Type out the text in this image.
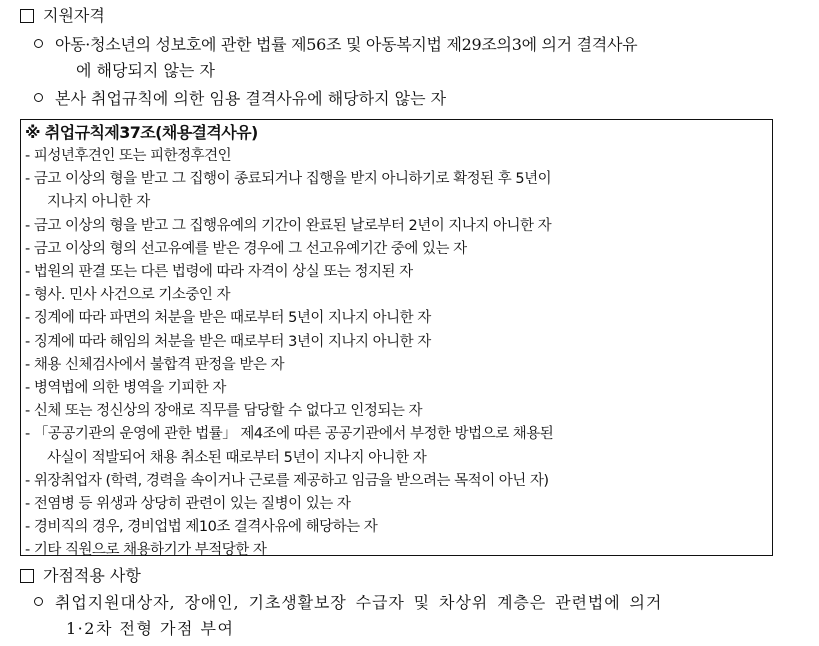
지원자격
아동·청소년의 성보호에 관한 법률 제56조 및 아동복지법 제29조의3에 의거 결격사유
에 해당되지 않는 자
본사 취업규칙에 의한 임용 결격사유에 해당하지 않는 자
※ 취업규칙제37조(채용결격사유)
- 피성년후견인 또는 피한정후견인
- 금고 이상의 형을 받고 그 집행이 종료되거나 집행을 받지 아니하기로 확정된 후 5년이
지나지 아니한 자
- 금고 이상의 형을 받고 그 집행유예의 기간이 완료된 날로부터 2년이 지나지 아니한 자
- 금고 이상의 형의 선고유예를 받은 경우에 그 선고유예기간 중에 있는 자
- 법원의 판결 또는 다른 법령에 따라 자격이 상실 또는 정지된 자
- 형사. 민사 사건으로 기소중인 자
- 징계에 따라 파면의 처분을 받은 때로부터 5년이 지나지 아니한 자
- 징계에 따라 해임의 처분을 받은 때로부터 3년이 지나지 아니한 자
- 채용 신체검사에서 불합격 판정을 받은 자
- 병역법에 의한 병역을 기피한 자
- 신체 또는 정신상의 장애로 직무를 담당할 수 없다고 인정되는 자
- 「공공기관의 운영에 관한 법률」 제4조에 따른 공공기관에서 부정한 방법으로 채용된
사실이 적발되어 채용 취소된 때로부터 5년이 지나지 아니한 자
- 위장취업자 (학력, 경력을 속이거나 근로를 제공하고 임금을 받으려는 목적이 아닌 자)
- 전염병 등 위생과 상당히 관련이 있는 질병이 있는 자
- 경비직의 경우, 경비업법 제10조 결격사유에 해당하는 자
- 기타 직원으로 채용하기가 부적당한 자
가점적용 사항
취업지원대상자, 장애인, 기초생활보장 수급자 및 차상위 계층은 관련법에 의거
1·2차 전형 가점 부여
